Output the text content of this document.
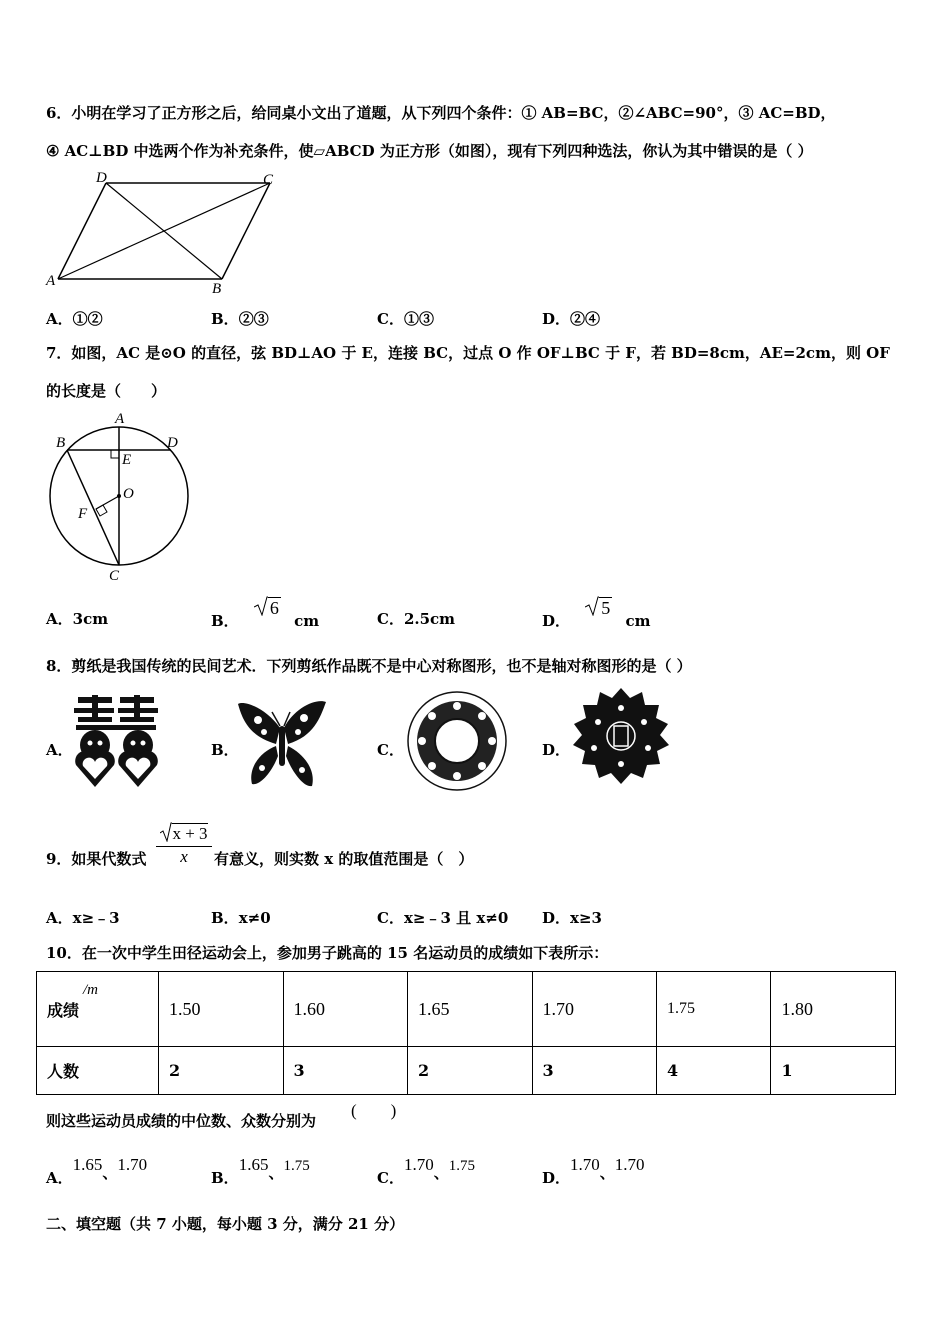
6．小明在学习了正方形之后，给同桌小文出了道题，从下列四个条件：① AB=BC，②∠ABC=90°，③ AC=BD，
④ AC⊥BD 中选两个作为补充条件，使▱ABCD 为正方形（如图），现有下列四种选法，你认为其中错误的是（ ）
D	C
A	B
A．①②	B．②③	C．①③	D．②④
7．如图，AC 是⊙O 的直径，弦 BD⊥AO 于 E，连接 BC，过点 O 作 OF⊥BC 于 F，若 BD=8cm，AE=2cm，则 OF
的长度是（　　）
A
B	D
E
O
F
C
A．3cm	B． 6 cm	C．2.5cm	D． 5 cm
8．剪纸是我国传统的民间艺术．下列剪纸作品既不是中心对称图形，也不是轴对称图形的是（ ）
A．	B．	C．	D．
9．如果代数式 $\frac{x + 3}{x}$ 有意义，则实数 x 的取值范围是（　）
A．x≥﹣3	B．x≠0	C．x≥﹣3 且 x≠0 D．x≥3
10．在一次中学生田径运动会上，参加男子跳高的 15 名运动员的成绩如下表所示：
成绩
/m	1.50	1.60	1.65	1.70	1.75	1.80
人数	2	3	2	3	4	1
则这些运动员成绩的中位数、众数分别为
(　　)
A．1.65、1.70
B．1.65、1.75
C．1.70、1.75
D．1.70、1.70
二、填空题（共 7 小题，每小题 3 分，满分 21 分）
